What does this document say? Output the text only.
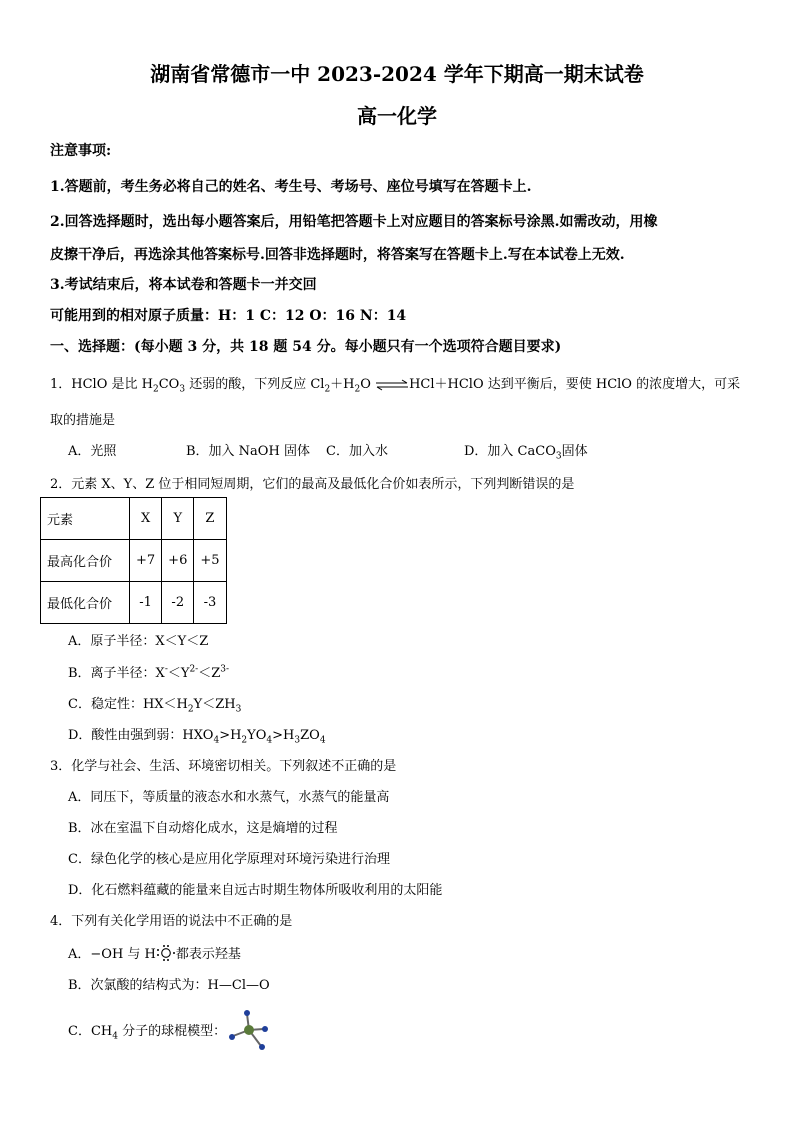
湖南省常德市一中 2023-2024 学年下期高一期末试卷
高一化学
注意事项:
1.答题前，考生务必将自己的姓名、考生号、考场号、座位号填写在答题卡上.
2.回答选择题时，选出每小题答案后，用铅笔把答题卡上对应题目的答案标号涂黑.如需改动，用橡
皮擦干净后，再选涂其他答案标号.回答非选择题时，将答案写在答题卡上.写在本试卷上无效.
3.考试结束后，将本试卷和答题卡一并交回
可能用到的相对原子质量：H：1 C：12 O：16 N：14
一、选择题：(每小题 3 分，共 18 题 54 分。每小题只有一个选项符合题目要求)
1．HClO 是比 $H_2CO_3$ 还弱的酸，下列反应 $Cl_2+H_2O$ ⇌HCl＋HClO 达到平衡后，要使 HClO 的浓度增大，可采
取的措施是
A．光照	B．加入 NaOH 固体 C．加入水	D．加入 CaCO$_3$固体
2．元素 X、Y、Z 位于相同短周期，它们的最高及最低化合价如表所示，下列判断错误的是
元素	X	Y	Z
最高化合价	+7	+6	+5
最低化合价	-1	-2	-3
A．原子半径：X＜Y＜Z
B．离子半径：$X^-<Y^{2-}<Z^{3-}$
C．稳定性：$HX<H_2Y<ZH_3$
D．酸性由强到弱：$HXO_4>H_2YO_4>H_3ZO_4$
3．化学与社会、生活、环境密切相关。下列叙述不正确的是
A．同压下，等质量的液态水和水蒸气，水蒸气的能量高
B．冰在室温下自动熔化成水，这是熵增的过程
C．绿色化学的核心是应用化学原理对环境污染进行治理
D．化石燃料蕴藏的能量来自远古时期生物体所吸收利用的太阳能
4．下列有关化学用语的说法中不正确的是
A．−OH 与 H 都表示羟基
B．次氯酸的结构式为：H—Cl—O
C．$CH_4$ 分子的球棍模型：
